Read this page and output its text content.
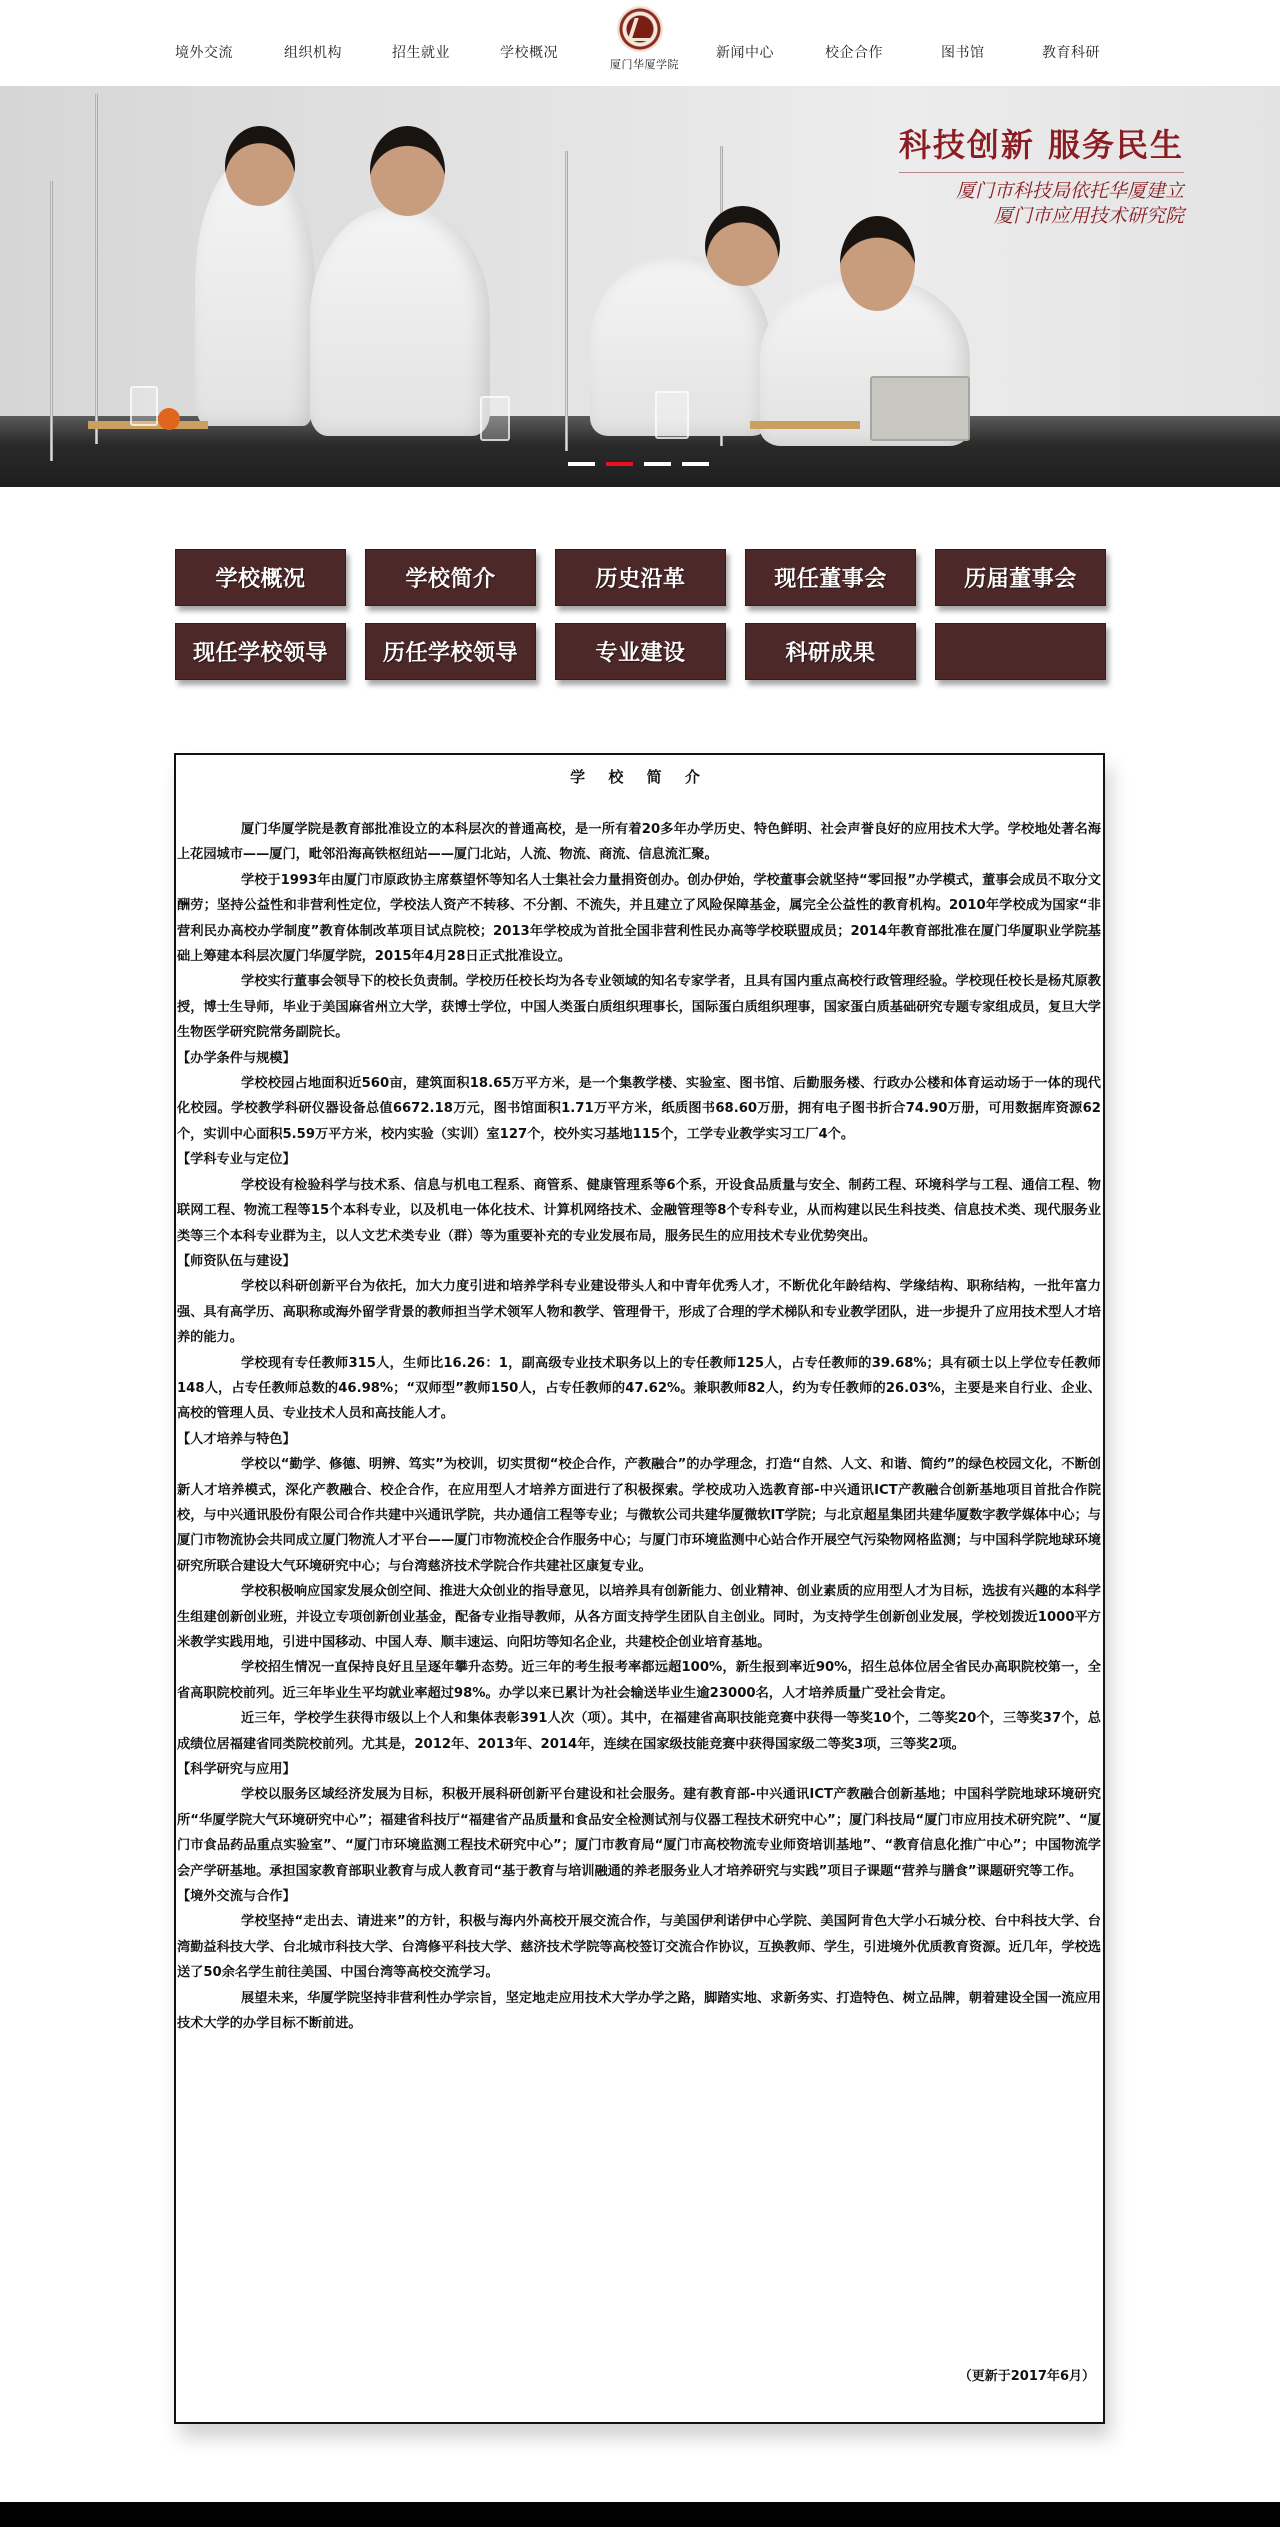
境外交流	组织机构	招生就业	学校概况
厦门华厦学院
新闻中心	校企合作	图书馆	教育科研
科技创新 服务民生
厦门市科技局依托华厦建立
厦门市应用技术研究院
学校概况	学校简介	历史沿革	现任董事会	历届董事会
现任学校领导	历任学校领导	专业建设	科研成果
学 校 简 介

厦门华厦学院是教育部批准设立的本科层次的普通高校，是一所有着20多年办学历史、特色鲜明、社会声誉良好的应用技术大学。学校地处著名海上花园城市——厦门，毗邻沿海高铁枢纽站——厦门北站，人流、物流、商流、信息流汇聚。

学校于1993年由厦门市原政协主席蔡望怀等知名人士集社会力量捐资创办。创办伊始，学校董事会就坚持“零回报”办学模式，董事会成员不取分文酬劳；坚持公益性和非营利性定位，学校法人资产不转移、不分割、不流失，并且建立了风险保障基金，属完全公益性的教育机构。2010年学校成为国家“非营利民办高校办学制度”教育体制改革项目试点院校；2013年学校成为首批全国非营利性民办高等学校联盟成员；2014年教育部批准在厦门华厦职业学院基础上筹建本科层次厦门华厦学院，2015年4月28日正式批准设立。

学校实行董事会领导下的校长负责制。学校历任校长均为各专业领域的知名专家学者，且具有国内重点高校行政管理经验。学校现任校长是杨芃原教授，博士生导师，毕业于美国麻省州立大学，获博士学位，中国人类蛋白质组织理事长，国际蛋白质组织理事，国家蛋白质基础研究专题专家组成员，复旦大学生物医学研究院常务副院长。

【办学条件与规模】

学校校园占地面积近560亩，建筑面积18.65万平方米，是一个集教学楼、实验室、图书馆、后勤服务楼、行政办公楼和体育运动场于一体的现代化校园。学校教学科研仪器设备总值6672.18万元，图书馆面积1.71万平方米，纸质图书68.60万册，拥有电子图书折合74.90万册，可用数据库资源62个，实训中心面积5.59万平方米，校内实验（实训）室127个，校外实习基地115个，工学专业教学实习工厂4个。

【学科专业与定位】

学校设有检验科学与技术系、信息与机电工程系、商管系、健康管理系等6个系，开设食品质量与安全、制药工程、环境科学与工程、通信工程、物联网工程、物流工程等15个本科专业，以及机电一体化技术、计算机网络技术、金融管理等8个专科专业，从而构建以民生科技类、信息技术类、现代服务业类等三个本科专业群为主，以人文艺术类专业（群）等为重要补充的专业发展布局，服务民生的应用技术专业优势突出。

【师资队伍与建设】

学校以科研创新平台为依托，加大力度引进和培养学科专业建设带头人和中青年优秀人才，不断优化年龄结构、学缘结构、职称结构，一批年富力强、具有高学历、高职称或海外留学背景的教师担当学术领军人物和教学、管理骨干，形成了合理的学术梯队和专业教学团队，进一步提升了应用技术型人才培养的能力。

学校现有专任教师315人，生师比16.26：1，副高级专业技术职务以上的专任教师125人，占专任教师的39.68%；具有硕士以上学位专任教师148人，占专任教师总数的46.98%；“双师型”教师150人，占专任教师的47.62%。兼职教师82人，约为专任教师的26.03%，主要是来自行业、企业、高校的管理人员、专业技术人员和高技能人才。

【人才培养与特色】

学校以“勤学、修德、明辨、笃实”为校训，切实贯彻“校企合作，产教融合”的办学理念，打造“自然、人文、和谐、简约”的绿色校园文化，不断创新人才培养模式，深化产教融合、校企合作，在应用型人才培养方面进行了积极探索。学校成功入选教育部-中兴通讯ICT产教融合创新基地项目首批合作院校，与中兴通讯股份有限公司合作共建中兴通讯学院，共办通信工程等专业；与微软公司共建华厦微软IT学院；与北京超星集团共建华厦数字教学媒体中心；与厦门市物流协会共同成立厦门物流人才平台——厦门市物流校企合作服务中心；与厦门市环境监测中心站合作开展空气污染物网格监测；与中国科学院地球环境研究所联合建设大气环境研究中心；与台湾慈济技术学院合作共建社区康复专业。

学校积极响应国家发展众创空间、推进大众创业的指导意见，以培养具有创新能力、创业精神、创业素质的应用型人才为目标，选拔有兴趣的本科学生组建创新创业班，并设立专项创新创业基金，配备专业指导教师，从各方面支持学生团队自主创业。同时，为支持学生创新创业发展，学校划拨近1000平方米教学实践用地，引进中国移动、中国人寿、顺丰速运、向阳坊等知名企业，共建校企创业培育基地。

学校招生情况一直保持良好且呈逐年攀升态势。近三年的考生报考率都远超100%，新生报到率近90%，招生总体位居全省民办高职院校第一，全省高职院校前列。近三年毕业生平均就业率超过98%。办学以来已累计为社会输送毕业生逾23000名，人才培养质量广受社会肯定。

近三年，学校学生获得市级以上个人和集体表彰391人次（项）。其中，在福建省高职技能竞赛中获得一等奖10个，二等奖20个，三等奖37个，总成绩位居福建省同类院校前列。尤其是，2012年、2013年、2014年，连续在国家级技能竞赛中获得国家级二等奖3项，三等奖2项。

【科学研究与应用】

学校以服务区域经济发展为目标，积极开展科研创新平台建设和社会服务。建有教育部-中兴通讯ICT产教融合创新基地；中国科学院地球环境研究所“华厦学院大气环境研究中心”；福建省科技厅“福建省产品质量和食品安全检测试剂与仪器工程技术研究中心”；厦门科技局“厦门市应用技术研究院”、“厦门市食品药品重点实验室”、“厦门市环境监测工程技术研究中心”；厦门市教育局“厦门市高校物流专业师资培训基地”、“教育信息化推广中心”；中国物流学会产学研基地。承担国家教育部职业教育与成人教育司“基于教育与培训融通的养老服务业人才培养研究与实践”项目子课题“营养与膳食”课题研究等工作。

【境外交流与合作】

学校坚持“走出去、请进来”的方针，积极与海内外高校开展交流合作，与美国伊利诺伊中心学院、美国阿肯色大学小石城分校、台中科技大学、台湾勤益科技大学、台北城市科技大学、台湾修平科技大学、慈济技术学院等高校签订交流合作协议，互换教师、学生，引进境外优质教育资源。近几年，学校选送了50余名学生前往美国、中国台湾等高校交流学习。

展望未来，华厦学院坚持非营利性办学宗旨，坚定地走应用技术大学办学之路，脚踏实地、求新务实、打造特色、树立品牌，朝着建设全国一流应用技术大学的办学目标不断前进。

（更新于2017年6月）
